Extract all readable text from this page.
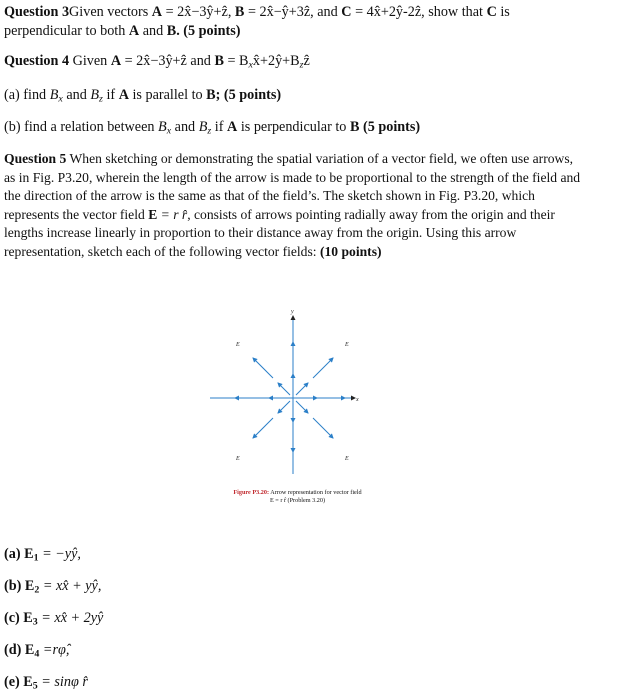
Question 3Given vectors A = 2x̂−3ŷ+ẑ, B = 2x̂−ŷ+3ẑ, and C = 4x̂+2ŷ-2ẑ, show that C is
perpendicular to both A and B. (5 points)
Question 4 Given A = 2x̂−3ŷ+ẑ and $B = B_xx̂+2ŷ+B_zẑ$
(a) find $B_x$ and $B_z$ if A is parallel to B; (5 points)
(b) find a relation between $B_x$ and $B_z$ if A is perpendicular to B (5 points)
Question 5 When sketching or demonstrating the spatial variation of a vector field, we often use arrows,
as in Fig. P3.20, wherein the length of the arrow is made to be proportional to the strength of the field and
the direction of the arrow is the same as that of the field’s. The sketch shown in Fig. P3.20, which
represents the vector field E = r r̂, consists of arrows pointing radially away from the origin and their
lengths increase linearly in proportion to their distance away from the origin. Using this arrow
representation, sketch each of the following vector fields: (10 points)
x
y
E	E
E	E
Figure P3.20: Arrow representation for vector field
E = r r̂ (Problem 3.20)
(a) $E_1$ = −yŷ,
(b) $E_2$ = xx̂ + yŷ,
(c) $E_3$ = xx̂ + 2yŷ
(d) $E_4$ =rφ̂,
(e) $E_5 = \sin\varphi$ r̂
